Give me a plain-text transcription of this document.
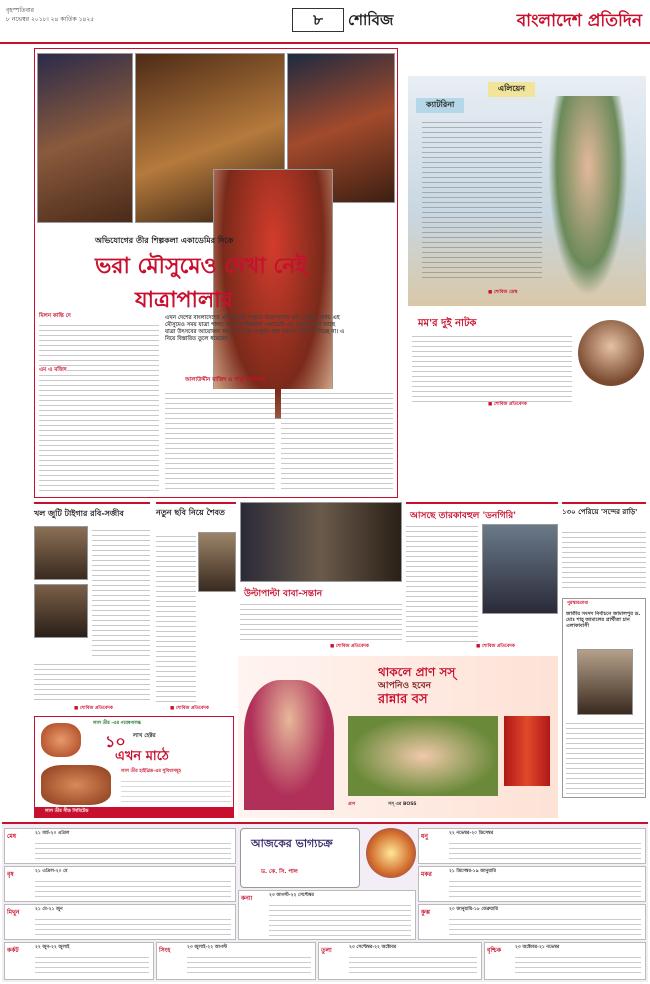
বৃহস্পতিবার
৮ নভেম্বর ২০১৮। ২৪ কার্তিক ১৪২৫	৮	শোবিজ	বাংলাদেশ প্রতিদিন
অভিযোগের তীর শিল্পকলা একাডেমির দিকে
ভরা মৌসুমেও দেখা নেই
যাত্রাপালার
এখন দেশের বাংলাদেশের ঐতিহ্যবাহী সংস্কৃতি যাত্রাপালার ভরা মৌসুম। অথচ এই মৌসুমেও সময় যাত্রা পালা। অনেকে শিল্পকলা একাডেমি ৩৫ জেলায় চর্চা আছে যাত্রা উৎসবের আয়োজন করলেও যাত্রা সংস্কৃতি রক্ষা যথাযথ উদ্যোগ নিচ্ছে না। এ নিয়ে বিস্তারিত তুলে ধরেছেন -
আলাউদ্দীন মাজিদ ও পাভু আজাহার
মিলন কান্তি দে
এম এ মজিদ
এলিয়েন
ক্যাটরিনা
■ শোবিজ ডেস্ক
মম'র দুই নাটক
■ শোবিজ প্রতিবেদক
খল জুটি টাইগার রবি-সজীব
■ শোবিজ প্রতিবেদক
নতুন ছবি নিয়ে শৈবত
■ শোবিজ প্রতিবেদক
উল্টাপাল্টা বাবা-সন্তান
■ শোবিজ প্রতিবেদক
আসছে তারকাবহুল 'ডনগিরি'
■ শোবিজ প্রতিবেদক
১৩০ পেরিয়ে 'সন্দের রাড়ি'
পুরস্কারপ্রাপ্ত
জাতীয় সংসদ নির্বাচনে জামালপুর ড. মোঃ শাহ্‌ জামালের প্রার্থীতা চান এলাকাবাসী
লাল তীর -এর গবেষণালব্ধ
১০ লাখ হেক্টর
এখন মাঠে
লাল তীর হাইব্রিড-এর সুবিধাসমূহ
লাল তীর সীড লিমিটেড
থাকলে প্রাণ সস্
আপনিও হবেন
রান্নার বস
সস্ এর BOSS
প্রাণ
আজকের ভাগ্যচক্র
ড. কে. সি. পাল
মেষ	২১ মার্চ-২০ এপ্রিল
বৃষ	২১ এপ্রিল-২০ মে
মিথুন	২১ মে-২১ জুন
কর্কট	২২ জুন-২২ জুলাই	সিংহ	২৩ জুলাই-২২ আগস্ট
কন্যা	২৩ আগস্ট-২২ সেপ্টেম্বর
তুলা	২৩ সেপ্টেম্বর-২২ অক্টোবর	বৃশ্চিক	২৩ অক্টোবর-২১ নভেম্বর
ধনু	২২ নভেম্বর-২০ ডিসেম্বর
মকর	২১ ডিসেম্বর-১৯ জানুয়ারি
কুম্ভ	২০ জানুয়ারি-১৮ ফেব্রুয়ারি
